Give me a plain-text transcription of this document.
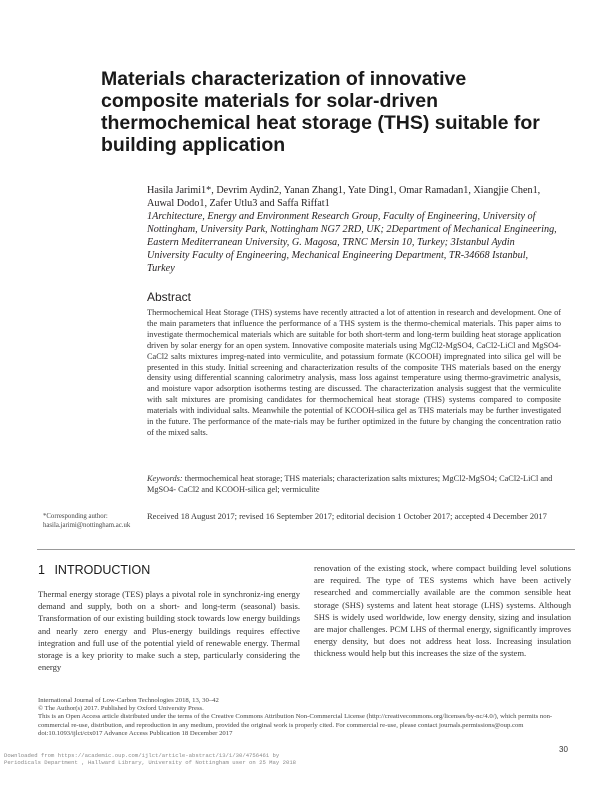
Materials characterization of innovative composite materials for solar-driven thermochemical heat storage (THS) suitable for building application
Hasila Jarimi1*, Devrim Aydin2, Yanan Zhang1, Yate Ding1, Omar Ramadan1, Xiangjie Chen1, Auwal Dodo1, Zafer Utlu3 and Saffa Riffat1
1Architecture, Energy and Environment Research Group, Faculty of Engineering, University of Nottingham, University Park, Nottingham NG7 2RD, UK; 2Department of Mechanical Engineering, Eastern Mediterranean University, G. Magosa, TRNC Mersin 10, Turkey; 3Istanbul Aydin University Faculty of Engineering, Mechanical Engineering Department, TR-34668 Istanbul, Turkey
Abstract
Thermochemical Heat Storage (THS) systems have recently attracted a lot of attention in research and development. One of the main parameters that influence the performance of a THS system is the thermo-chemical materials. This paper aims to investigate thermochemical materials which are suitable for both short-term and long-term building heat storage application driven by solar energy for an open system. Innovative composite materials using MgCl2-MgSO4, CaCl2-LiCl and MgSO4- CaCl2 salts mixtures impreg-nated into vermiculite, and potassium formate (KCOOH) impregnated into silica gel will be presented in this study. Initial screening and characterization results of the composite THS materials based on the energy density using differential scanning calorimetry analysis, mass loss against temperature using thermo-gravimetric analysis, and moisture vapor adsorption isotherms testing are discussed. The characterization analysis suggest that the vermiculite with salt mixtures are promising candidates for thermochemical heat storage (THS) systems compared to composite materials with individual salts. Meanwhile the potential of KCOOH-silica gel as THS materials may be further investigated in the future. The performance of the mate-rials may be further optimized in the future by changing the concentration ratio of the mixed salts.
Keywords: thermochemical heat storage; THS materials; characterization salts mixtures; MgCl2-MgSO4; CaCl2-LiCl and MgSO4- CaCl2 and KCOOH-silica gel; vermiculite
*Corresponding author: hasila.jarimi@nottingham.ac.uk
Received 18 August 2017; revised 16 September 2017; editorial decision 1 October 2017; accepted 4 December 2017
1 INTRODUCTION
Thermal energy storage (TES) plays a pivotal role in synchroniz-ing energy demand and supply, both on a short- and long-term (seasonal) basis. Transformation of our existing building stock towards low energy buildings and nearly zero energy and Plus-energy buildings requires effective integration and full use of the potential yield of renewable energy. Thermal storage is a key priority to make such a step, particularly considering the energy
renovation of the existing stock, where compact building level solutions are required. The type of TES systems which have been actively researched and commercially available are the common sensible heat storage (SHS) systems and latent heat storage (LHS) systems. Although SHS is widely used worldwide, low energy density, sizing and insulation are major challenges. PCM LHS of thermal energy, significantly improves energy density, but does not address heat loss. Increasing insulation thickness would help but this increases the size of the system.
International Journal of Low-Carbon Technologies 2018, 13, 30–42
© The Author(s) 2017. Published by Oxford University Press.
This is an Open Access article distributed under the terms of the Creative Commons Attribution Non-Commercial License (http://creativecommons.org/licenses/by-nc/4.0/), which permits non-commercial re-use, distribution, and reproduction in any medium, provided the original work is properly cited. For commercial re-use, please contact journals.permissions@oup.com
doi:10.1093/ijlct/ctx017 Advance Access Publication 18 December 2017
30
Downloaded from https://academic.oup.com/ijlct/article-abstract/13/1/30/4756461 by Periodicals Department , Hallward Library, University of Nottingham user on 25 May 2018
